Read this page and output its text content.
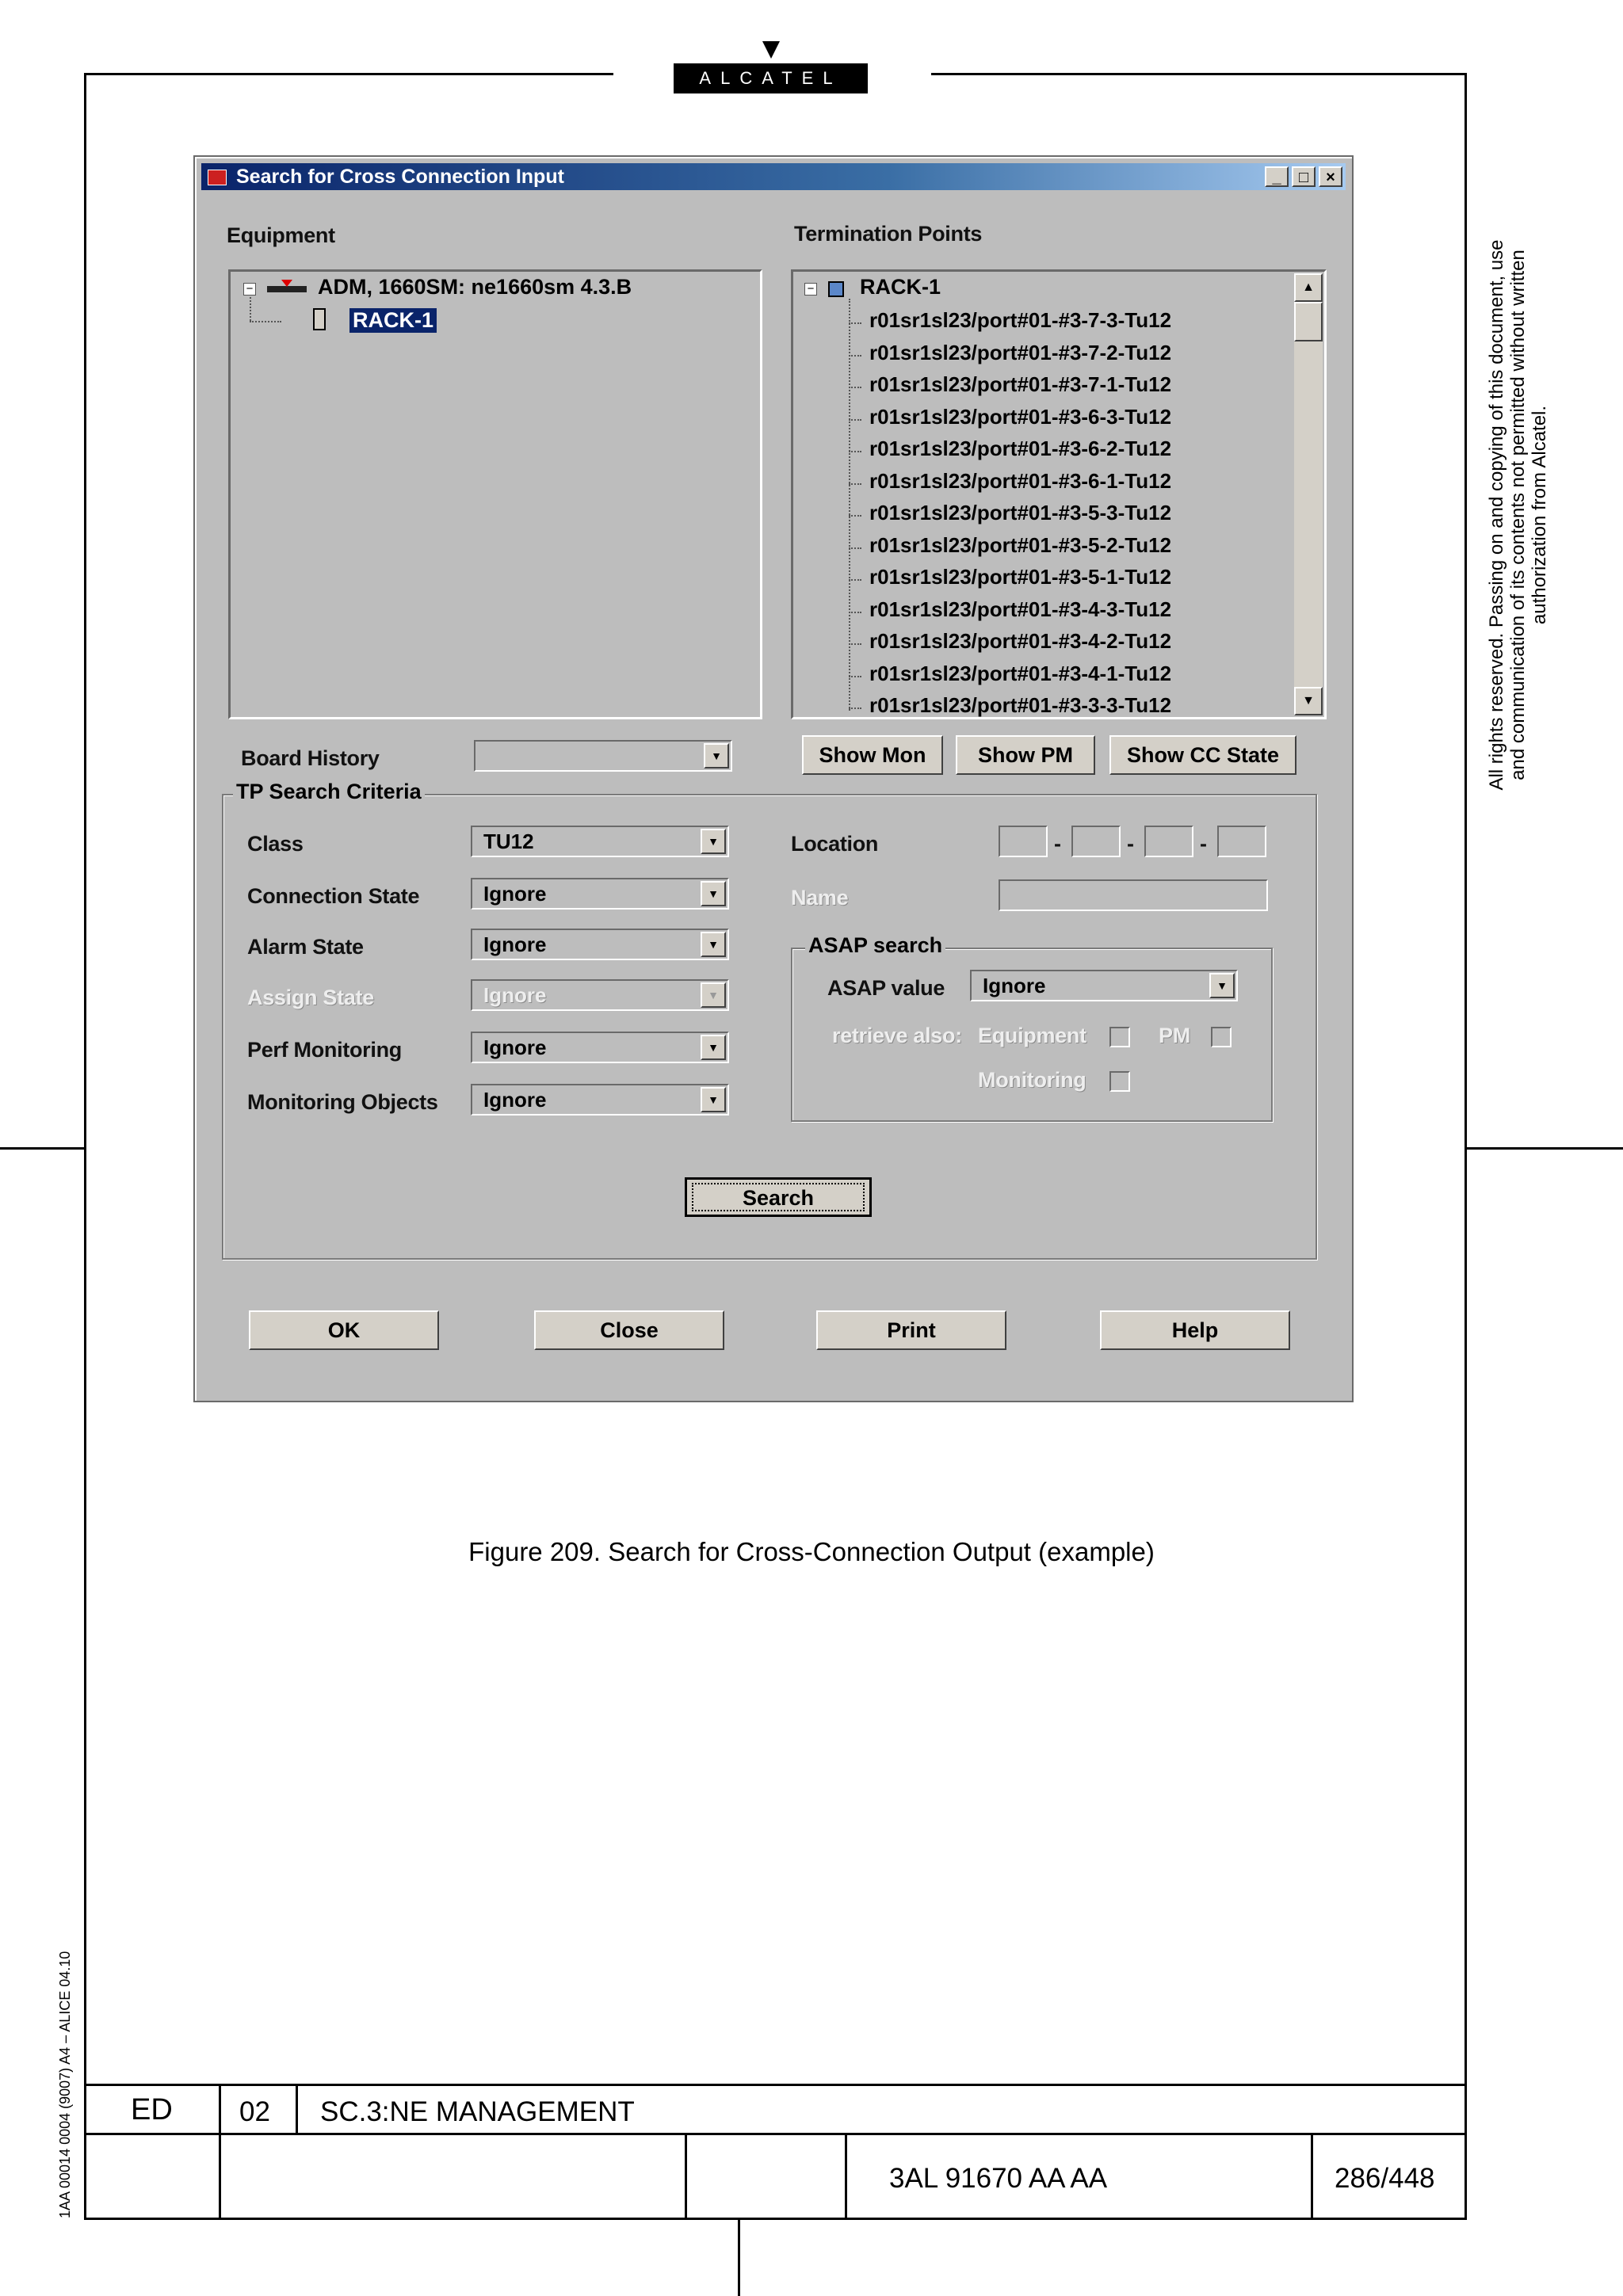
ALCATEL
All rights reserved. Passing on and copying of this document, use and communication of its contents not permitted without written authorization from Alcatel.
1AA 00014 0004 (9007) A4 – ALICE 04.10
Search for Cross Connection Input	_	□	×
Equipment
−	ADM, 1660SM: ne1660sm 4.3.B
RACK-1
Termination Points
− RACK-1
r01sr1sl23/port#01-#3-7-3-Tu12
r01sr1sl23/port#01-#3-7-2-Tu12
r01sr1sl23/port#01-#3-7-1-Tu12
r01sr1sl23/port#01-#3-6-3-Tu12
r01sr1sl23/port#01-#3-6-2-Tu12
r01sr1sl23/port#01-#3-6-1-Tu12
r01sr1sl23/port#01-#3-5-3-Tu12
r01sr1sl23/port#01-#3-5-2-Tu12
r01sr1sl23/port#01-#3-5-1-Tu12
r01sr1sl23/port#01-#3-4-3-Tu12
r01sr1sl23/port#01-#3-4-2-Tu12
r01sr1sl23/port#01-#3-4-1-Tu12
r01sr1sl23/port#01-#3-3-3-Tu12
▲
▼
Board History	▼	Show Mon	Show PM	Show CC State
TP Search Criteria
Class	TU12	▼
Connection State	Ignore	▼
Alarm State	Ignore	▼
Assign State	Ignore	▼
Perf Monitoring	Ignore	▼
Monitoring Objects Ignore	▼
Location	-	-	-
Name
ASAP search
ASAP value Ignore	▼
retrieve also: Equipment	PM
Monitoring
Search
OK	Close	Print	Help
Figure 209. Search for Cross-Connection Output (example)
ED 02 SC.3:NE MANAGEMENT
3AL 91670 AA AA	286/448
